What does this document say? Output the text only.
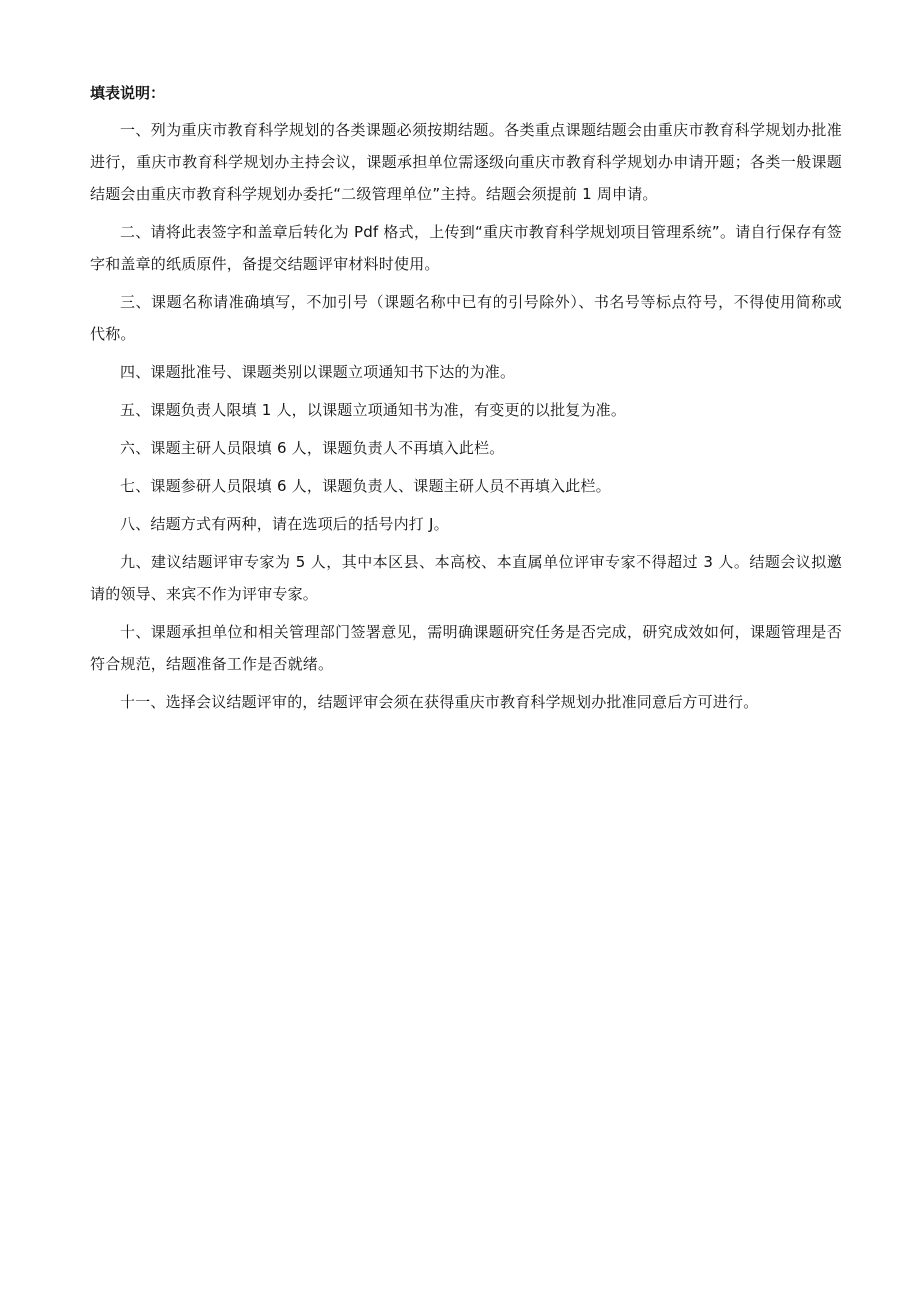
填表说明：

一、列为重庆市教育科学规划的各类课题必须按期结题。各类重点课题结题会由重庆市教育科学规划办批准进行，重庆市教育科学规划办主持会议，课题承担单位需逐级向重庆市教育科学规划办申请开题；各类一般课题结题会由重庆市教育科学规划办委托“二级管理单位”主持。结题会须提前 1 周申请。

二、请将此表签字和盖章后转化为 Pdf 格式，上传到“重庆市教育科学规划项目管理系统”。请自行保存有签字和盖章的纸质原件，备提交结题评审材料时使用。

三、课题名称请准确填写，不加引号（课题名称中已有的引号除外）、书名号等标点符号，不得使用简称或代称。

四、课题批准号、课题类别以课题立项通知书下达的为准。

五、课题负责人限填 1 人，以课题立项通知书为准，有变更的以批复为准。

六、课题主研人员限填 6 人，课题负责人不再填入此栏。

七、课题参研人员限填 6 人，课题负责人、课题主研人员不再填入此栏。

八、结题方式有两种，请在选项后的括号内打 J。

九、建议结题评审专家为 5 人，其中本区县、本高校、本直属单位评审专家不得超过 3 人。结题会议拟邀请的领导、来宾不作为评审专家。

十、课题承担单位和相关管理部门签署意见，需明确课题研究任务是否完成，研究成效如何，课题管理是否符合规范，结题准备工作是否就绪。

十一、选择会议结题评审的，结题评审会须在获得重庆市教育科学规划办批准同意后方可进行。
